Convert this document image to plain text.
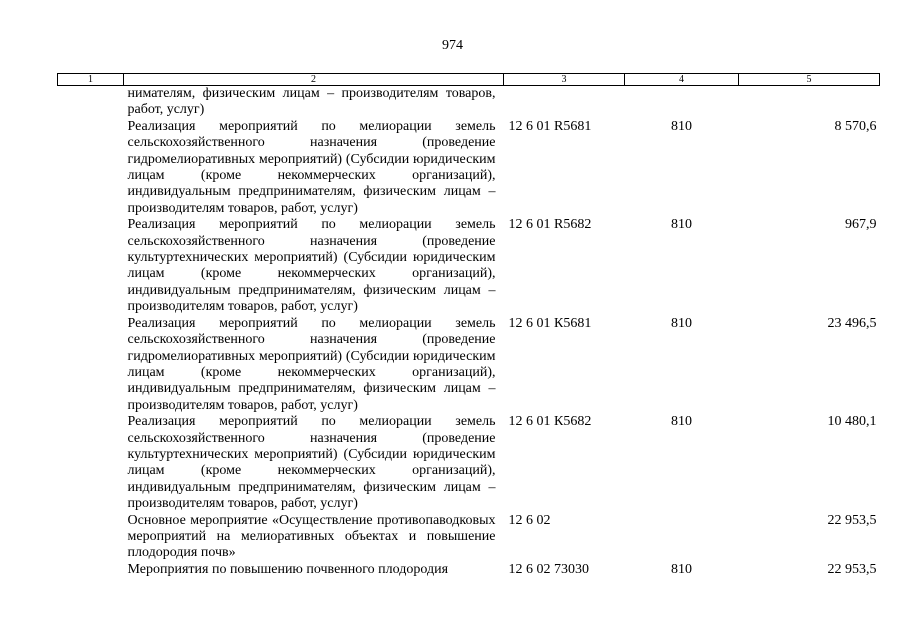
974
1	2	3	4	5
	нимателям, физическим лицам – производителям товаров, работ, услуг)			
	Реализация мероприятий по мелиорации земель сельскохозяйственного назначения (проведение гидромелиоративных мероприятий) (Субсидии юридическим лицам (кроме некоммерческих организаций), индивидуальным предпринимателям, физическим лицам – производителям товаров, работ, услуг)	12 6 01 R5681	810	8 570,6
	Реализация мероприятий по мелиорации земель сельскохозяйственного назначения (проведение культуртехнических мероприятий) (Субсидии юридическим лицам (кроме некоммерческих организаций), индивидуальным предпринимателям, физическим лицам – производителям товаров, работ, услуг)	12 6 01 R5682	810	967,9
	Реализация мероприятий по мелиорации земель сельскохозяйственного назначения (проведение гидромелиоративных мероприятий) (Субсидии юридическим лицам (кроме некоммерческих организаций), индивидуальным предпринимателям, физическим лицам – производителям товаров, работ, услуг)	12 6 01 К5681	810	23 496,5
	Реализация мероприятий по мелиорации земель сельскохозяйственного назначения (проведение культуртехнических мероприятий) (Субсидии юридическим лицам (кроме некоммерческих организаций), индивидуальным предпринимателям, физическим лицам – производителям товаров, работ, услуг)	12 6 01 К5682	810	10 480,1
	Основное мероприятие «Осуществление противопаводковых мероприятий на мелиоративных объектах и повышение плодородия почв»	12 6 02		22 953,5
	Мероприятия по повышению почвенного плодородия	12 6 02 73030	810	22 953,5
